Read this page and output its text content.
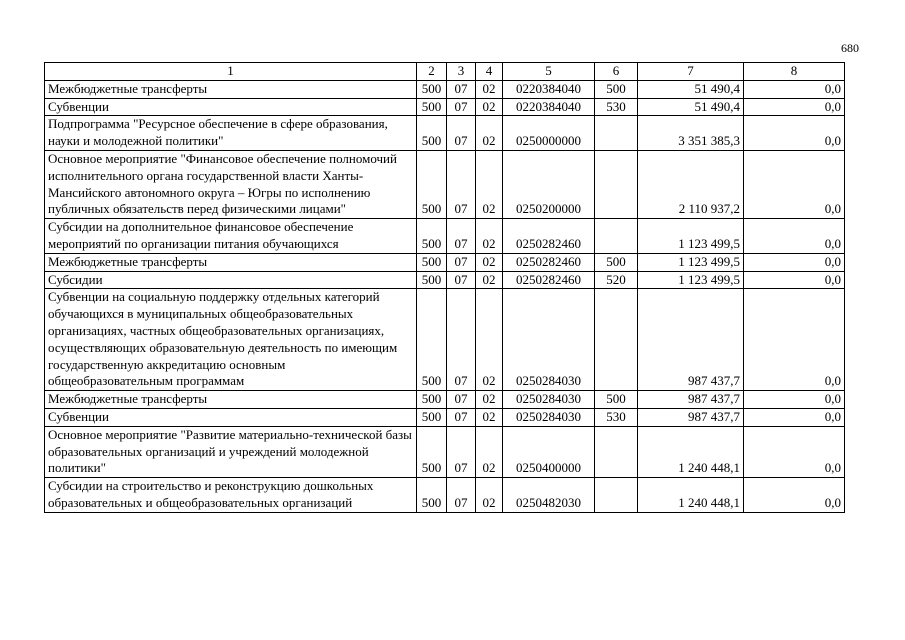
680
1	2	3	4	5	6	7	8
Межбюджетные трансферты	500	07	02	0220384040	500	51 490,4	0,0
Субвенции	500	07	02	0220384040	530	51 490,4	0,0
Подпрограмма "Ресурсное обеспечение в сфере образования, науки и молодежной политики"	500	07	02	0250000000		3 351 385,3	0,0
Основное мероприятие "Финансовое обеспечение полномочий исполнительного органа государственной власти Ханты-Мансийского автономного округа – Югры по исполнению публичных обязательств перед физическими лицами"	500	07	02	0250200000		2 110 937,2	0,0
Субсидии на дополнительное финансовое обеспечение мероприятий по организации питания обучающихся	500	07	02	0250282460		1 123 499,5	0,0
Межбюджетные трансферты	500	07	02	0250282460	500	1 123 499,5	0,0
Субсидии	500	07	02	0250282460	520	1 123 499,5	0,0
Субвенции на социальную поддержку отдельных категорий обучающихся в муниципальных общеобразовательных организациях, частных общеобразовательных организациях, осуществляющих образовательную деятельность по имеющим государственную аккредитацию основным общеобразовательным программам	500	07	02	0250284030		987 437,7	0,0
Межбюджетные трансферты	500	07	02	0250284030	500	987 437,7	0,0
Субвенции	500	07	02	0250284030	530	987 437,7	0,0
Основное мероприятие "Развитие материально-технической базы образовательных организаций и учреждений молодежной политики"	500	07	02	0250400000		1 240 448,1	0,0
Субсидии на строительство и реконструкцию дошкольных образовательных и общеобразовательных организаций	500	07	02	0250482030		1 240 448,1	0,0
